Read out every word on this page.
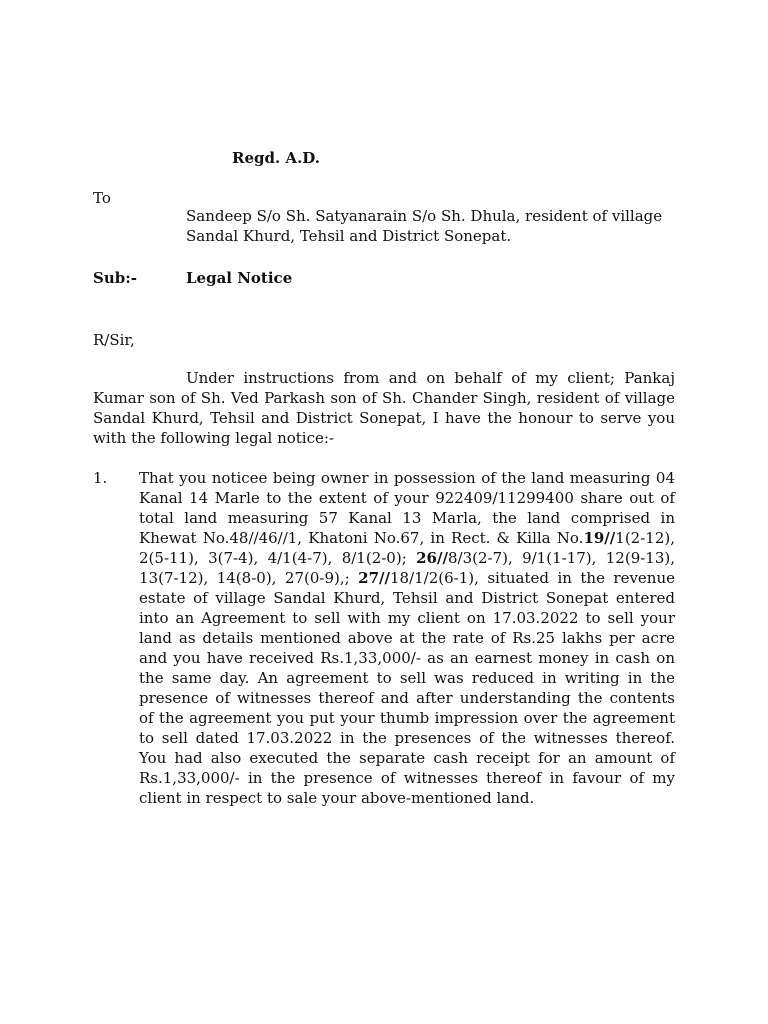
Regd. A.D.
To
Sandeep S/o Sh. Satyanarain S/o Sh. Dhula, resident of village Sandal Khurd, Tehsil and District Sonepat.
Sub:-	Legal Notice
R/Sir,
Under instructions from and on behalf of my client; Pankaj Kumar son of Sh. Ved Parkash son of Sh. Chander Singh, resident of village Sandal Khurd, Tehsil and District Sonepat, I have the honour to serve you with the following legal notice:-
1. That you noticee being owner in possession of the land measuring 04 Kanal 14 Marle to the extent of your 922409/11299400 share out of total land measuring 57 Kanal 13 Marla, the land comprised in Khewat No.48//46//1, Khatoni No.67, in Rect. & Killa No.19//1(2-12), 2(5-11), 3(7-4), 4/1(4-7), 8/1(2-0); 26//8/3(2-7), 9/1(1-17), 12(9-13), 13(7-12), 14(8-0), 27(0-9),; 27//18/1/2(6-1), situated in the revenue estate of village Sandal Khurd, Tehsil and District Sonepat entered into an Agreement to sell with my client on 17.03.2022 to sell your land as details mentioned above at the rate of Rs.25 lakhs per acre and you have received Rs.1,33,000/- as an earnest money in cash on the same day. An agreement to sell was reduced in writing in the presence of witnesses thereof and after understanding the contents of the agreement you put your thumb impression over the agreement to sell dated 17.03.2022 in the presences of the witnesses thereof. You had also executed the separate cash receipt for an amount of Rs.1,33,000/- in the presence of witnesses thereof in favour of my client in respect to sale your above-mentioned land.
